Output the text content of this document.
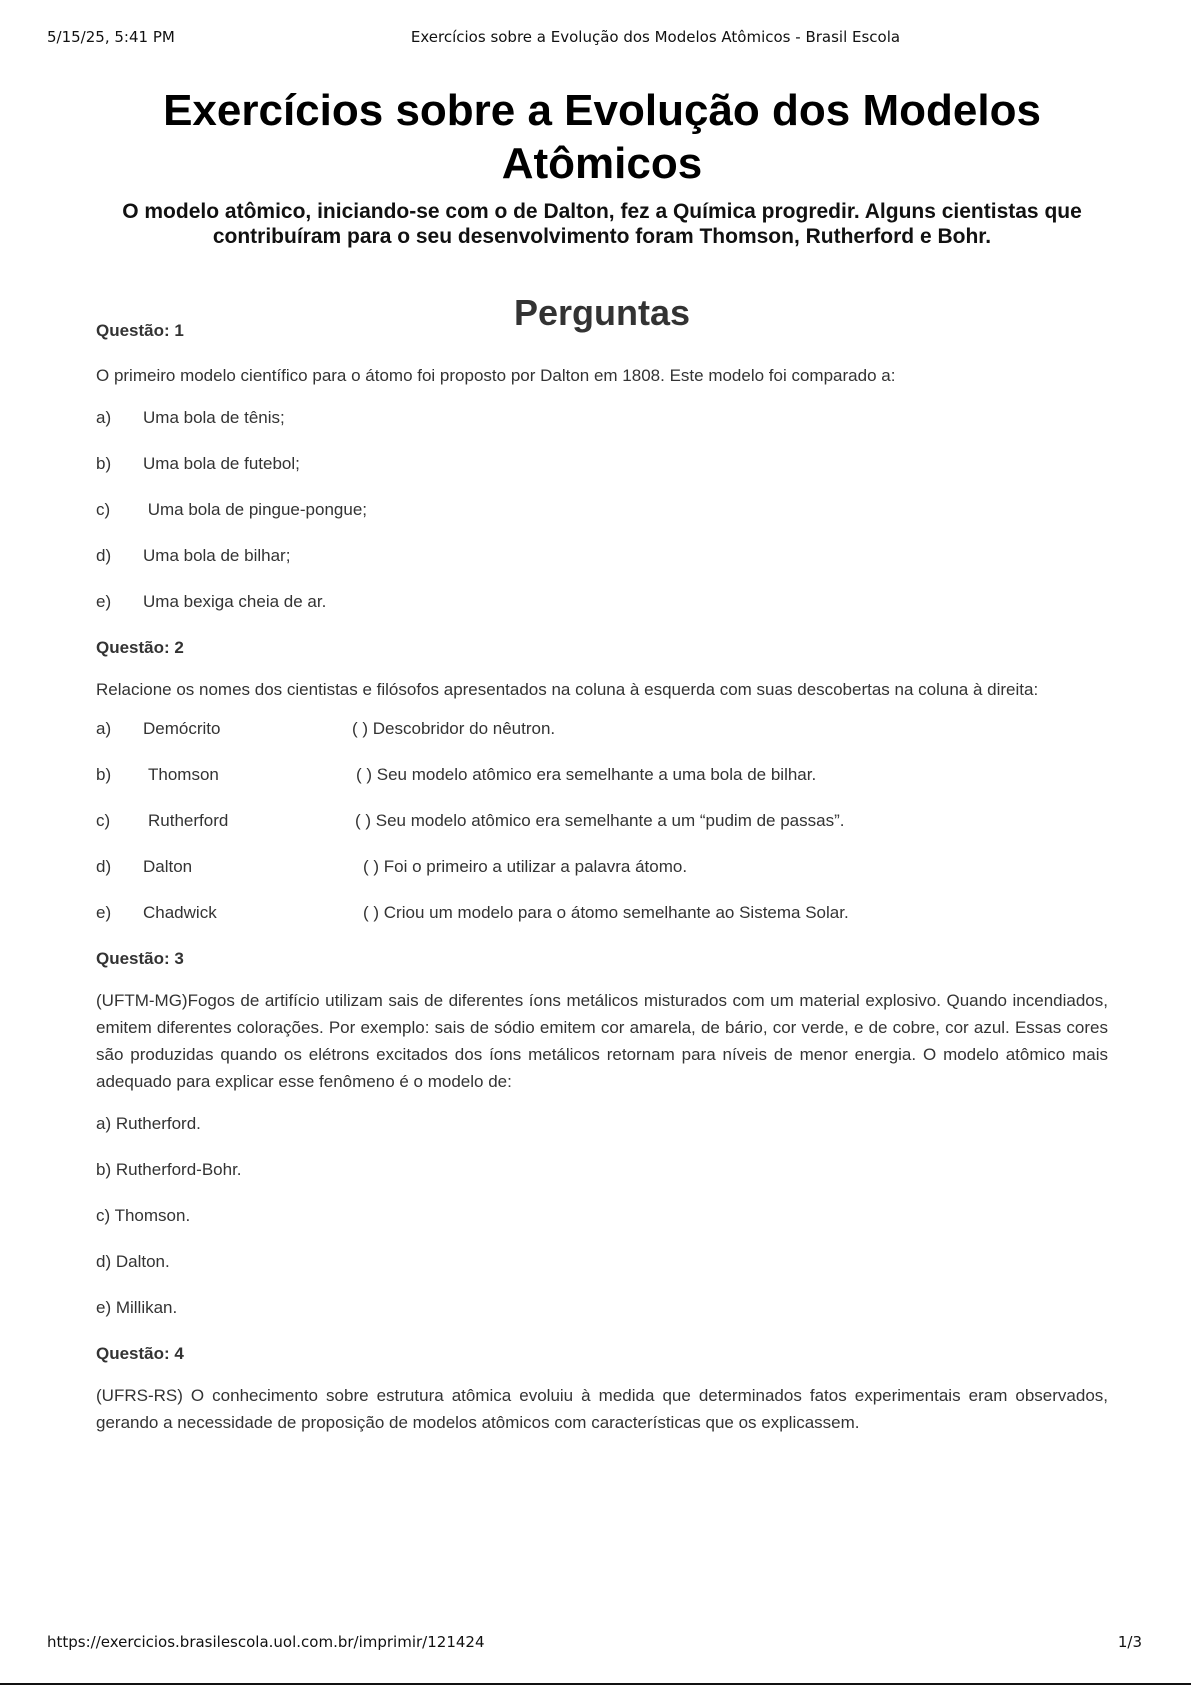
5/15/25, 5:41 PM	Exercícios sobre a Evolução dos Modelos Atômicos - Brasil Escola
Exercícios sobre a Evolução dos Modelos Atômicos

O modelo atômico, iniciando-se com o de Dalton, fez a Química progredir. Alguns cientistas que contribuíram para o seu desenvolvimento foram Thomson, Rutherford e Bohr.

Perguntas

Questão: 1

O primeiro modelo científico para o átomo foi proposto por Dalton em 1808. Este modelo foi comparado a:

a) Uma bola de tênis;

b) Uma bola de futebol;

c) Uma bola de pingue-pongue;

d) Uma bola de bilhar;

e) Uma bexiga cheia de ar.

Questão: 2

Relacione os nomes dos cientistas e filósofos apresentados na coluna à esquerda com suas descobertas na coluna à direita:

a) Demócrito	( ) Descobridor do nêutron.
b) Thomson	( ) Seu modelo atômico era semelhante a uma bola de bilhar.
c) Rutherford	( ) Seu modelo atômico era semelhante a um “pudim de passas”.
d) Dalton	( ) Foi o primeiro a utilizar a palavra átomo.
e) Chadwick	( ) Criou um modelo para o átomo semelhante ao Sistema Solar.

Questão: 3

(UFTM-MG)Fogos de artifício utilizam sais de diferentes íons metálicos misturados com um material explosivo. Quando incendiados, emitem diferentes colorações. Por exemplo: sais de sódio emitem cor amarela, de bário, cor verde, e de cobre, cor azul. Essas cores são produzidas quando os elétrons excitados dos íons metálicos retornam para níveis de menor energia. O modelo atômico mais adequado para explicar esse fenômeno é o modelo de:

a) Rutherford.

b) Rutherford-Bohr.

c) Thomson.

d) Dalton.

e) Millikan.

Questão: 4

(UFRS-RS) O conhecimento sobre estrutura atômica evoluiu à medida que determinados fatos experimentais eram observados, gerando a necessidade de proposição de modelos atômicos com características que os explicassem.

https://exercicios.brasilescola.uol.com.br/imprimir/121424	1/3
